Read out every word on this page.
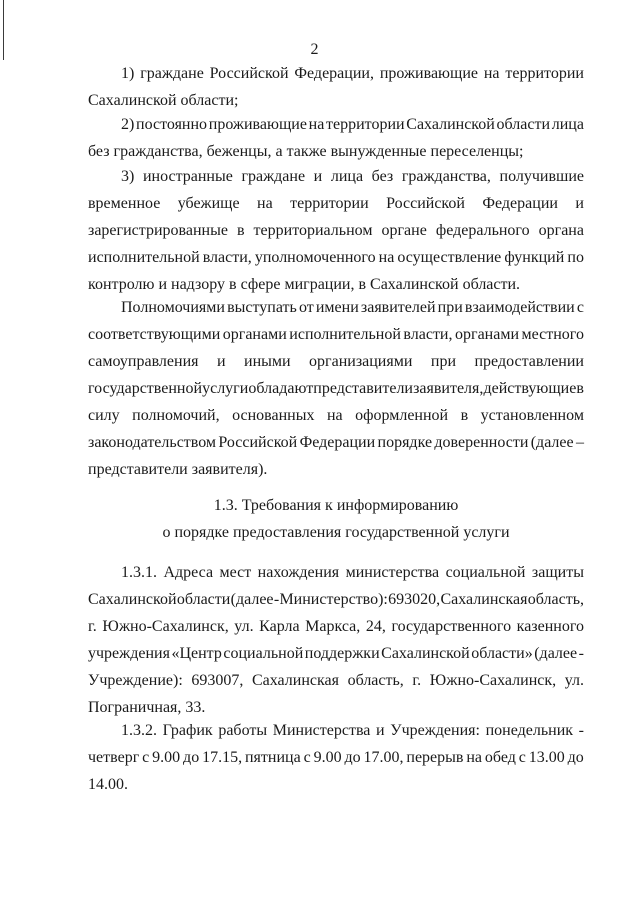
2
1) граждане Российской Федерации, проживающие на территории
Сахалинской области;
2) постоянно проживающие на территории Сахалинской области лица
без гражданства, беженцы, а также вынужденные переселенцы;
3) иностранные граждане и лица без гражданства, получившие
временное убежище на территории Российской Федерации и
зарегистрированные в территориальном органе федерального органа
исполнительной власти, уполномоченного на осуществление функций по
контролю и надзору в сфере миграции, в Сахалинской области.
Полномочиями выступать от имени заявителей при взаимодействии с
соответствующими органами исполнительной власти, органами местного
самоуправления и иными организациями при предоставлении
государственной услуги обладают представители заявителя, действующие в
силу полномочий, основанных на оформленной в установленном
законодательством Российской Федерации порядке доверенности (далее –
представители заявителя).
1.3. Требования к информированию
о порядке предоставления государственной услуги
1.3.1. Адреса мест нахождения министерства социальной защиты
Сахалинской области (далее - Министерство): 693020, Сахалинская область,
г. Южно-Сахалинск, ул. Карла Маркса, 24, государственного казенного
учреждения «Центр социальной поддержки Сахалинской области» (далее -
Учреждение): 693007, Сахалинская область, г. Южно-Сахалинск, ул.
Пограничная, 33.
1.3.2. График работы Министерства и Учреждения: понедельник -
четверг с 9.00 до 17.15, пятница с 9.00 до 17.00, перерыв на обед с 13.00 до
14.00.
